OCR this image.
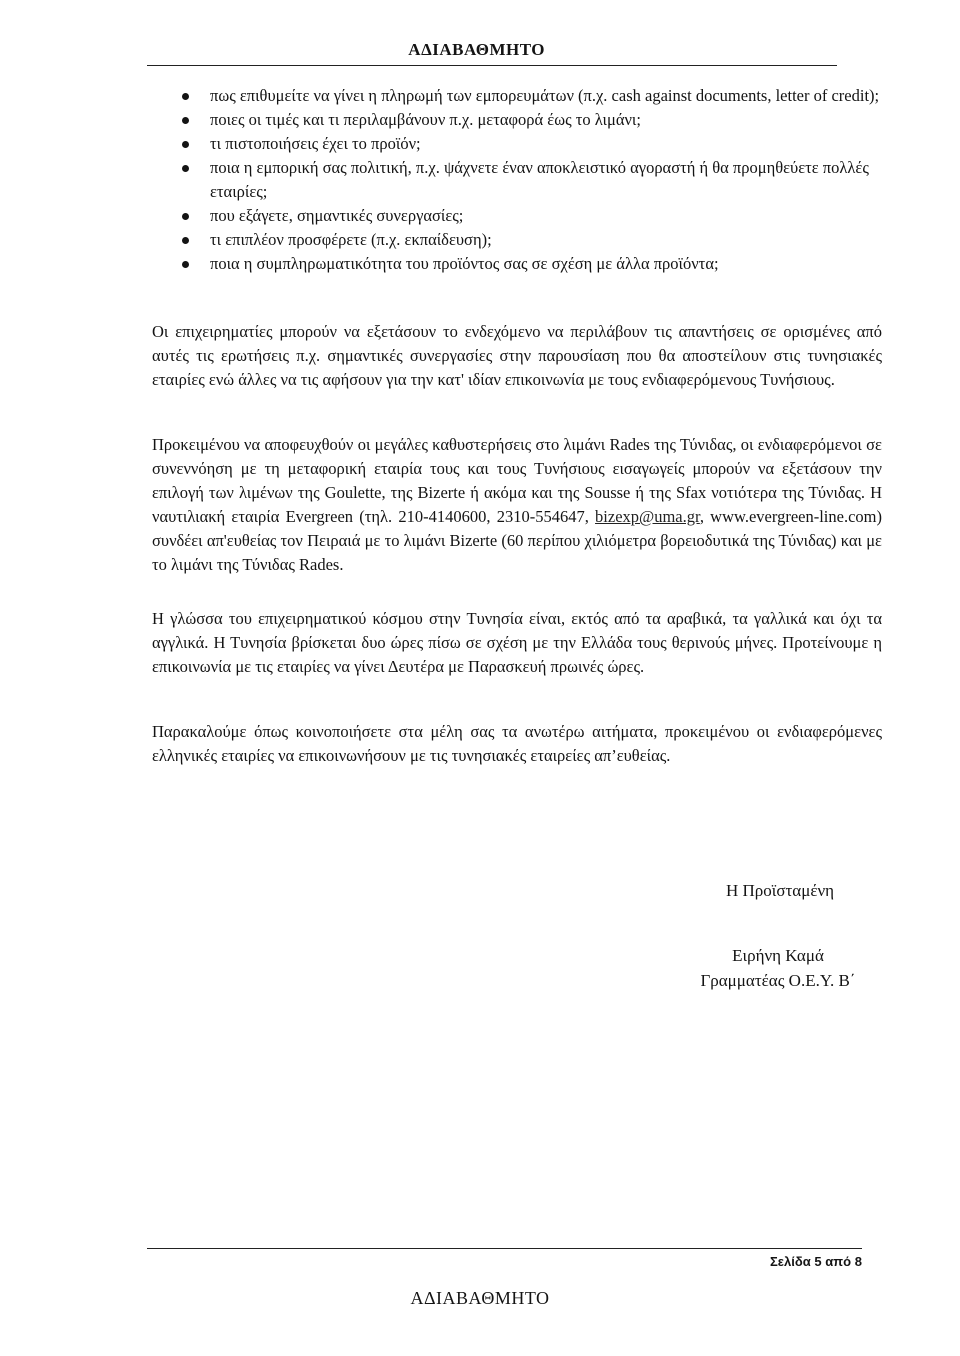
ΑΔΙΑΒΑΘΜΗΤΟ
πως επιθυμείτε να γίνει η πληρωμή των εμπορευμάτων (π.χ. cash against documents, letter of credit);
ποιες οι τιμές και τι περιλαμβάνουν π.χ. μεταφορά έως το λιμάνι;
τι πιστοποιήσεις έχει το προϊόν;
ποια η εμπορική σας πολιτική, π.χ. ψάχνετε έναν αποκλειστικό αγοραστή ή θα προμηθεύετε πολλές εταιρίες;
που εξάγετε, σημαντικές συνεργασίες;
τι επιπλέον προσφέρετε (π.χ. εκπαίδευση);
ποια η συμπληρωματικότητα του προϊόντος σας σε σχέση με άλλα προϊόντα;

Οι επιχειρηματίες μπορούν να εξετάσουν το ενδεχόμενο να περιλάβουν τις απαντήσεις σε ορισμένες από αυτές τις ερωτήσεις π.χ. σημαντικές συνεργασίες στην παρουσίαση που θα αποστείλουν στις τυνησιακές εταιρίες ενώ άλλες να τις αφήσουν για την κατ' ιδίαν επικοινωνία με τους ενδιαφερόμενους Τυνήσιους.

Προκειμένου να αποφευχθούν οι μεγάλες καθυστερήσεις στο λιμάνι Rades της Τύνιδας, οι ενδιαφερόμενοι σε συνεννόηση με τη μεταφορική εταιρία τους και τους Τυνήσιους εισαγωγείς μπορούν να εξετάσουν την επιλογή των λιμένων της Goulette, της Bizerte ή ακόμα και της Sousse ή της Sfax νοτιότερα της Τύνιδας. Η ναυτιλιακή εταιρία Evergreen (τηλ. 210-4140600, 2310-554647, bizexp@uma.gr, www.evergreen-line.com) συνδέει απ'ευθείας τον Πειραιά με το λιμάνι Bizerte (60 περίπου χιλιόμετρα βορειοδυτικά της Τύνιδας) και με το λιμάνι της Τύνιδας Rades.

Η γλώσσα του επιχειρηματικού κόσμου στην Τυνησία είναι, εκτός από τα αραβικά, τα γαλλικά και όχι τα αγγλικά. Η Τυνησία βρίσκεται δυο ώρες πίσω σε σχέση με την Ελλάδα τους θερινούς μήνες. Προτείνουμε η επικοινωνία με τις εταιρίες να γίνει Δευτέρα με Παρασκευή πρωινές ώρες.

Παρακαλούμε όπως κοινοποιήσετε στα μέλη σας τα ανωτέρω αιτήματα, προκειμένου οι ενδιαφερόμενες ελληνικές εταιρίες να επικοινωνήσουν με τις τυνησιακές εταιρείες απ’ευθείας.

Η Προϊσταμένη
Ειρήνη Καμά
Γραμματέας Ο.Ε.Υ. Β΄
Σελίδα 5 από 8
ΑΔΙΑΒΑΘΜΗΤΟ
